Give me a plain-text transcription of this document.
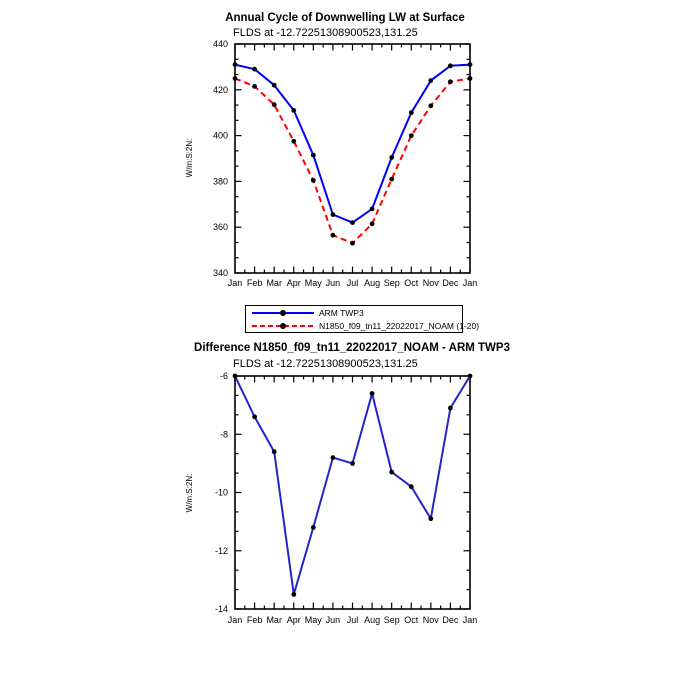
Annual Cycle of Downwelling LW at Surface
FLDS at -12.72251308900523,131.25
W/m:S:2N:
340
360
380
400
420
440
Jan Feb Mar Apr May Jun Jul Aug Sep Oct Nov Dec Jan
ARM TWP3
N1850_f09_tn11_22022017_NOAM (1-20)
Difference N1850_f09_tn11_22022017_NOAM - ARM TWP3
FLDS at -12.72251308900523,131.25
W/m:S:2N:
-14
-12
-10
-8
-6
Jan Feb Mar Apr May Jun Jul Aug Sep Oct Nov Dec Jan
